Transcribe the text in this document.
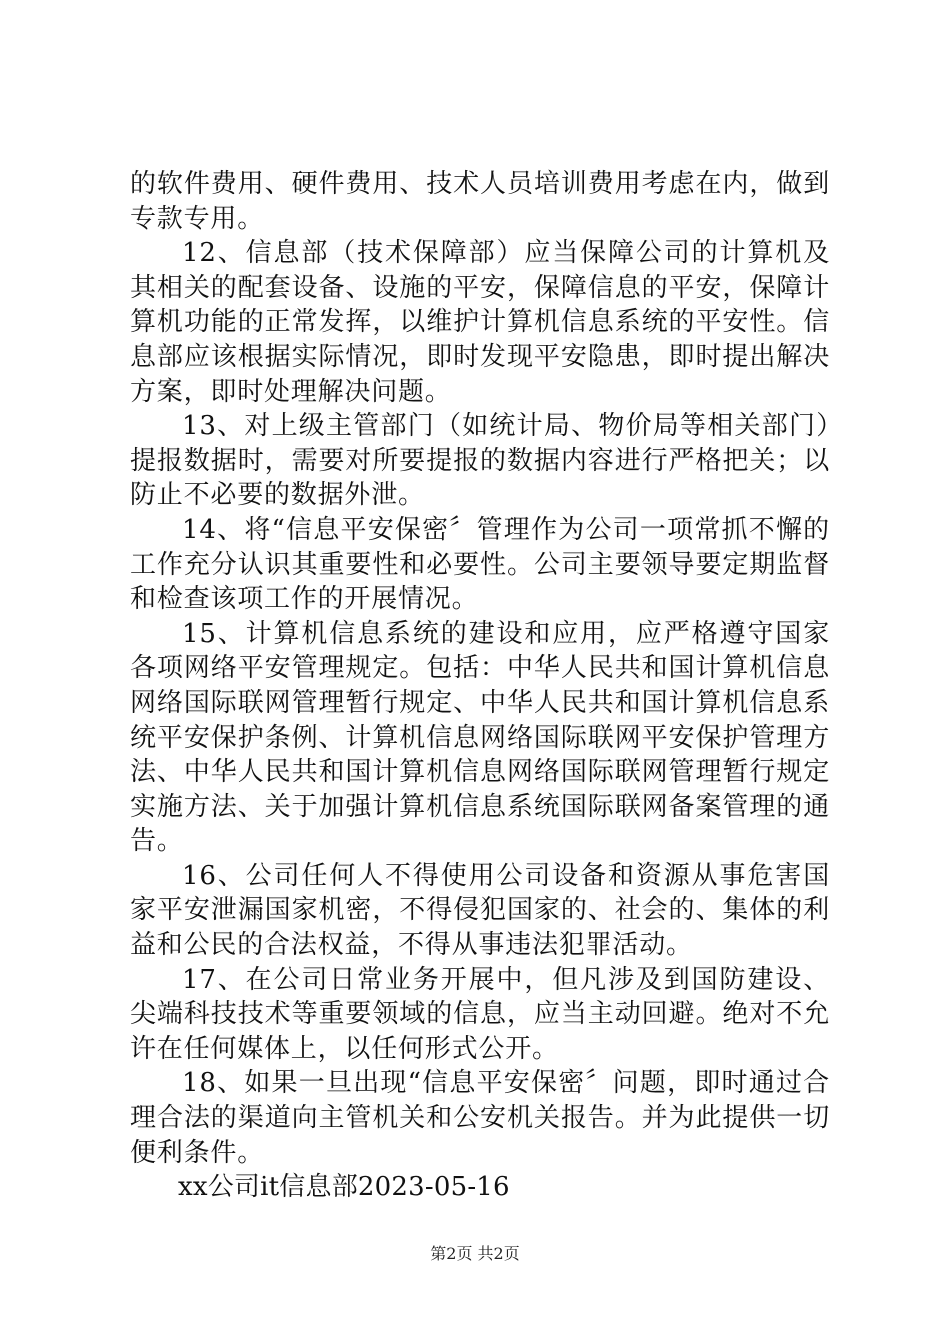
的软件费用、硬件费用、技术人员培训费用考虑在内，做到专款专用。

12、信息部（技术保障部）应当保障公司的计算机及其相关的配套设备、设施的平安，保障信息的平安，保障计算机功能的正常发挥，以维护计算机信息系统的平安性。信息部应该根据实际情况，即时发现平安隐患，即时提出解决方案，即时处理解决问题。

13、对上级主管部门（如统计局、物价局等相关部门）提报数据时，需要对所要提报的数据内容进行严格把关；以防止不必要的数据外泄。

14、将“信息平安保密〞管理作为公司一项常抓不懈的工作充分认识其重要性和必要性。公司主要领导要定期监督和检查该项工作的开展情况。

15、计算机信息系统的建设和应用，应严格遵守国家各项网络平安管理规定。包括：中华人民共和国计算机信息网络国际联网管理暂行规定、中华人民共和国计算机信息系统平安保护条例、计算机信息网络国际联网平安保护管理方法、中华人民共和国计算机信息网络国际联网管理暂行规定实施方法、关于加强计算机信息系统国际联网备案管理的通告。

16、公司任何人不得使用公司设备和资源从事危害国家平安泄漏国家机密，不得侵犯国家的、社会的、集体的利益和公民的合法权益，不得从事违法犯罪活动。

17、在公司日常业务开展中，但凡涉及到国防建设、尖端科技技术等重要领域的信息，应当主动回避。绝对不允许在任何媒体上，以任何形式公开。

18、如果一旦出现“信息平安保密〞问题，即时通过合理合法的渠道向主管机关和公安机关报告。并为此提供一切便利条件。

xx公司it信息部2023-05-16

第2页 共2页
